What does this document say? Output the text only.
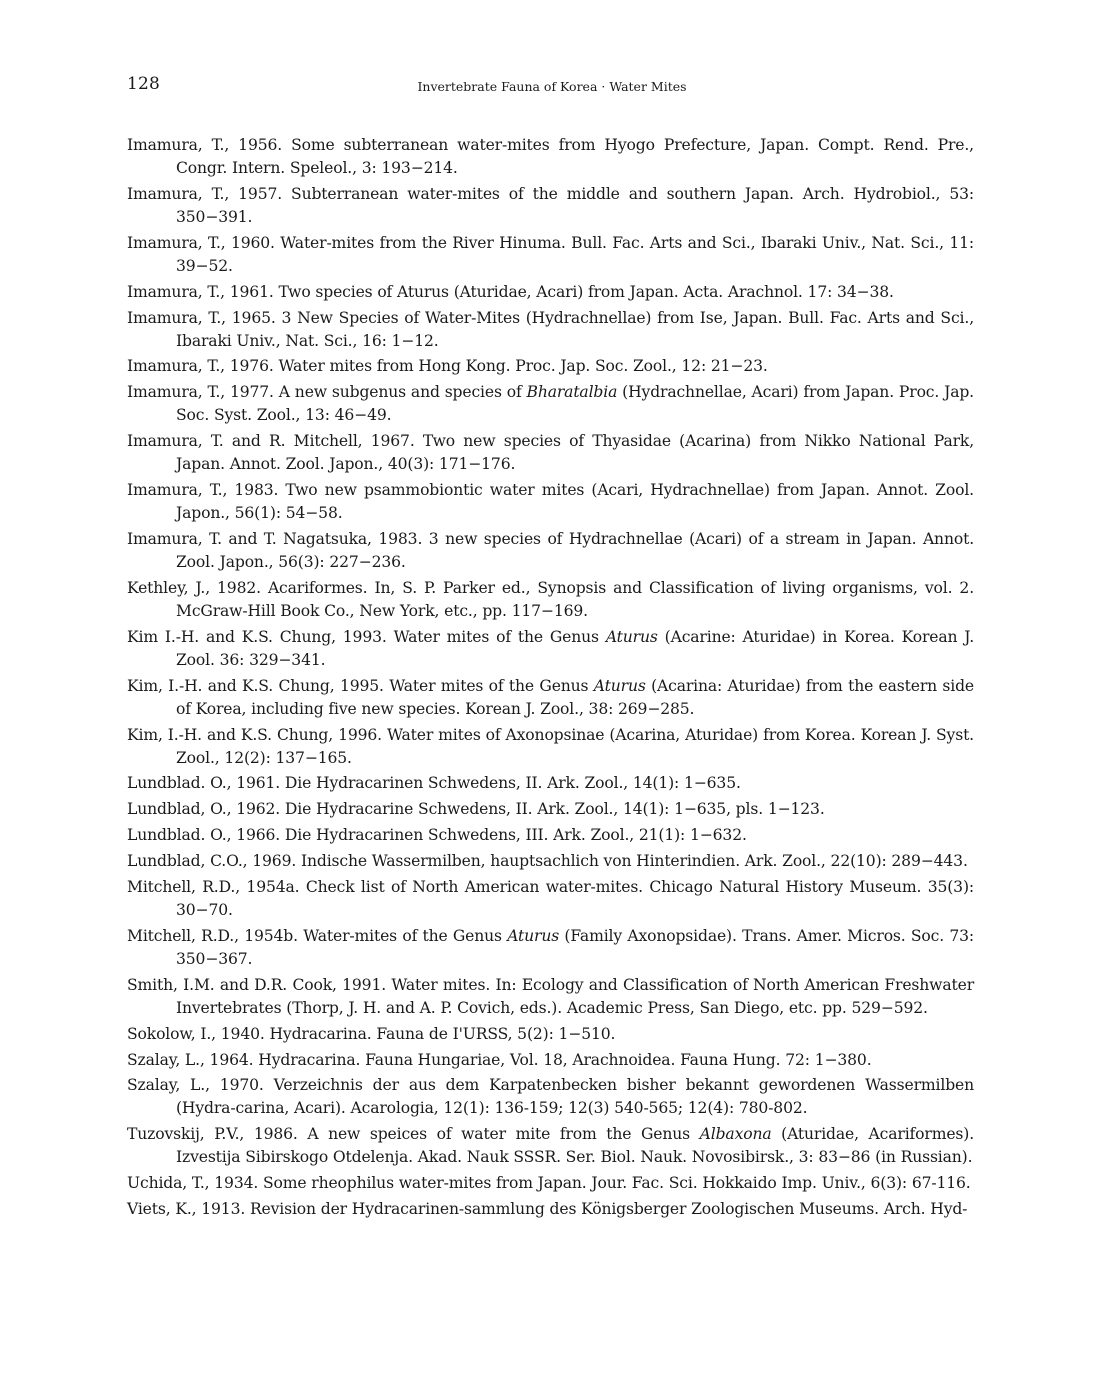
128	Invertebrate Fauna of Korea · Water Mites
Imamura, T., 1956. Some subterranean water-mites from Hyogo Prefecture, Japan. Compt. Rend. Pre., Congr. Intern. Speleol., 3: 193−214.
Imamura, T., 1957. Subterranean water-mites of the middle and southern Japan. Arch. Hydrobiol., 53: 350−391.
Imamura, T., 1960. Water-mites from the River Hinuma. Bull. Fac. Arts and Sci., Ibaraki Univ., Nat. Sci., 11: 39−52.
Imamura, T., 1961. Two species of Aturus (Aturidae, Acari) from Japan. Acta. Arachnol. 17: 34−38.
Imamura, T., 1965. 3 New Species of Water-Mites (Hydrachnellae) from Ise, Japan. Bull. Fac. Arts and Sci., Ibaraki Univ., Nat. Sci., 16: 1−12.
Imamura, T., 1976. Water mites from Hong Kong. Proc. Jap. Soc. Zool., 12: 21−23.
Imamura, T., 1977. A new subgenus and species of Bharatalbia (Hydrachnellae, Acari) from Japan. Proc. Jap. Soc. Syst. Zool., 13: 46−49.
Imamura, T. and R. Mitchell, 1967. Two new species of Thyasidae (Acarina) from Nikko National Park, Japan. Annot. Zool. Japon., 40(3): 171−176.
Imamura, T., 1983. Two new psammobiontic water mites (Acari, Hydrachnellae) from Japan. Annot. Zool. Japon., 56(1): 54−58.
Imamura, T. and T. Nagatsuka, 1983. 3 new species of Hydrachnellae (Acari) of a stream in Japan. Annot. Zool. Japon., 56(3): 227−236.
Kethley, J., 1982. Acariformes. In, S. P. Parker ed., Synopsis and Classification of living organisms, vol. 2. McGraw-Hill Book Co., New York, etc., pp. 117−169.
Kim I.-H. and K.S. Chung, 1993. Water mites of the Genus Aturus (Acarine: Aturidae) in Korea. Korean J. Zool. 36: 329−341.
Kim, I.-H. and K.S. Chung, 1995. Water mites of the Genus Aturus (Acarina: Aturidae) from the eastern side of Korea, including five new species. Korean J. Zool., 38: 269−285.
Kim, I.-H. and K.S. Chung, 1996. Water mites of Axonopsinae (Acarina, Aturidae) from Korea. Korean J. Syst. Zool., 12(2): 137−165.
Lundblad. O., 1961. Die Hydracarinen Schwedens, II. Ark. Zool., 14(1): 1−635.
Lundblad, O., 1962. Die Hydracarine Schwedens, II. Ark. Zool., 14(1): 1−635, pls. 1−123.
Lundblad. O., 1966. Die Hydracarinen Schwedens, III. Ark. Zool., 21(1): 1−632.
Lundblad, C.O., 1969. Indische Wassermilben, hauptsachlich von Hinterindien. Ark. Zool., 22(10): 289−443.
Mitchell, R.D., 1954a. Check list of North American water-mites. Chicago Natural History Museum. 35(3): 30−70.
Mitchell, R.D., 1954b. Water-mites of the Genus Aturus (Family Axonopsidae). Trans. Amer. Micros. Soc. 73: 350−367.
Smith, I.M. and D.R. Cook, 1991. Water mites. In: Ecology and Classification of North American Freshwater Invertebrates (Thorp, J. H. and A. P. Covich, eds.). Academic Press, San Diego, etc. pp. 529−592.
Sokolow, I., 1940. Hydracarina. Fauna de I'URSS, 5(2): 1−510.
Szalay, L., 1964. Hydracarina. Fauna Hungariae, Vol. 18, Arachnoidea. Fauna Hung. 72: 1−380.
Szalay, L., 1970. Verzeichnis der aus dem Karpatenbecken bisher bekannt gewordenen Wassermilben (Hydra-carina, Acari). Acarologia, 12(1): 136-159; 12(3) 540-565; 12(4): 780-802.
Tuzovskij, P.V., 1986. A new speices of water mite from the Genus Albaxona (Aturidae, Acariformes). Izvestija Sibirskogo Otdelenja. Akad. Nauk SSSR. Ser. Biol. Nauk. Novosibirsk., 3: 83−86 (in Russian).
Uchida, T., 1934. Some rheophilus water-mites from Japan. Jour. Fac. Sci. Hokkaido Imp. Univ., 6(3): 67-116.
Viets, K., 1913. Revision der Hydracarinen-sammlung des Königsberger Zoologischen Museums. Arch. Hyd-
